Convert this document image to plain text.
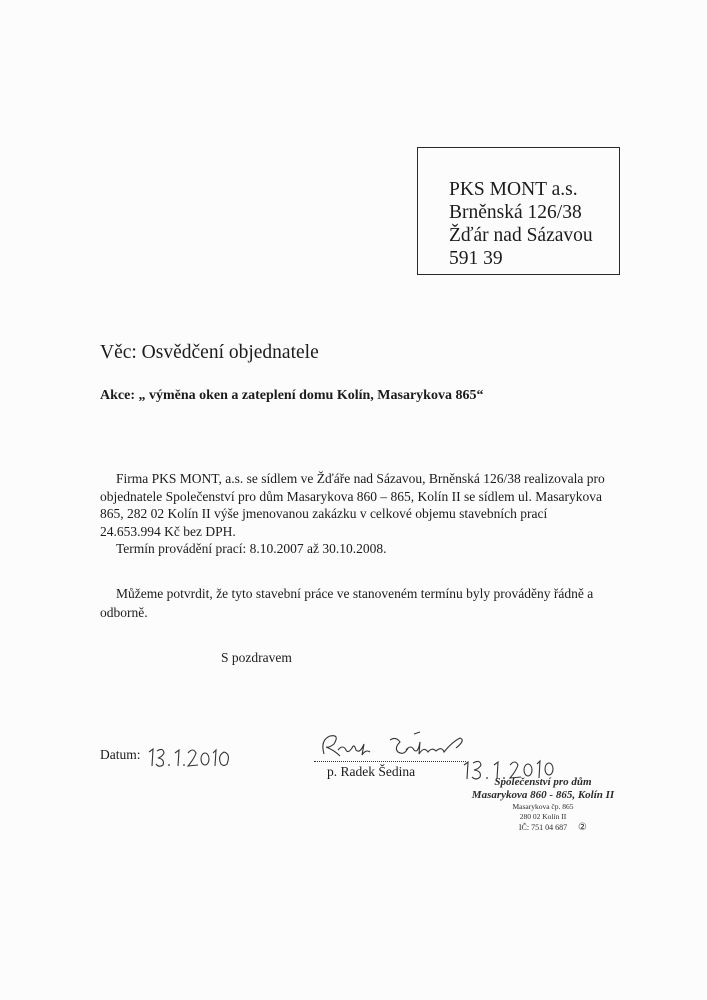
PKS MONT a.s.
Brněnská 126/38
Žďár nad Sázavou
591 39
Věc: Osvědčení objednatele
Akce: „ výměna oken a zateplení domu Kolín, Masarykova 865“
Firma PKS MONT, a.s. se sídlem ve Žďáře nad Sázavou, Brněnská 126/38 realizovala pro
objednatele Společenství pro dům Masarykova 860 – 865, Kolín II se sídlem ul. Masarykova
865, 282 02 Kolín II výše jmenovanou zakázku v celkové objemu stavebních prací
24.653.994 Kč bez DPH.
Termín provádění prací: 8.10.2007 až 30.10.2008.
Můžeme potvrdit, že tyto stavební práce ve stanoveném termínu byly prováděny řádně a
odborně.
S pozdravem
Datum:
p. Radek Šedina
Společenství pro dům
Masarykova 860 - 865, Kolín II
Masarykova čp. 865
280 02 Kolín II
IČ: 751 04 687	②
